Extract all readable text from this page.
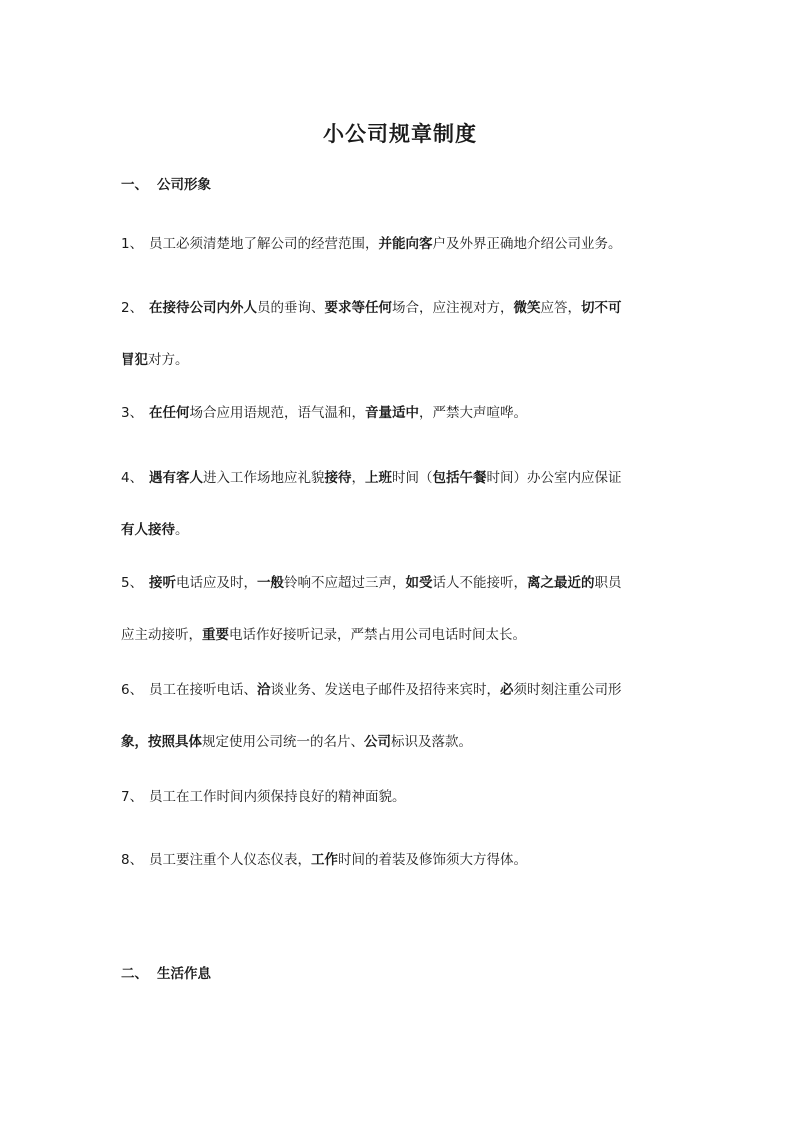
小公司规章制度
一、 公司形象
1、 员工必须清楚地了解公司的经营范围，并能向客户及外界正确地介绍公司业务。
2、 在接待公司内外人员的垂询、要求等任何场合，应注视对方，微笑应答，切不可
冒犯对方。
3、 在任何场合应用语规范，语气温和，音量适中，严禁大声喧哗。
4、 遇有客人进入工作场地应礼貌接待，上班时间（包括午餐时间）办公室内应保证
有人接待。
5、 接听电话应及时，一般铃响不应超过三声，如受话人不能接听，离之最近的职员
应主动接听，重要电话作好接听记录，严禁占用公司电话时间太长。
6、 员工在接听电话、洽谈业务、发送电子邮件及招待来宾时，必须时刻注重公司形
象，按照具体规定使用公司统一的名片、公司标识及落款。
7、 员工在工作时间内须保持良好的精神面貌。
8、 员工要注重个人仪态仪表，工作时间的着装及修饰须大方得体。
二、 生活作息
